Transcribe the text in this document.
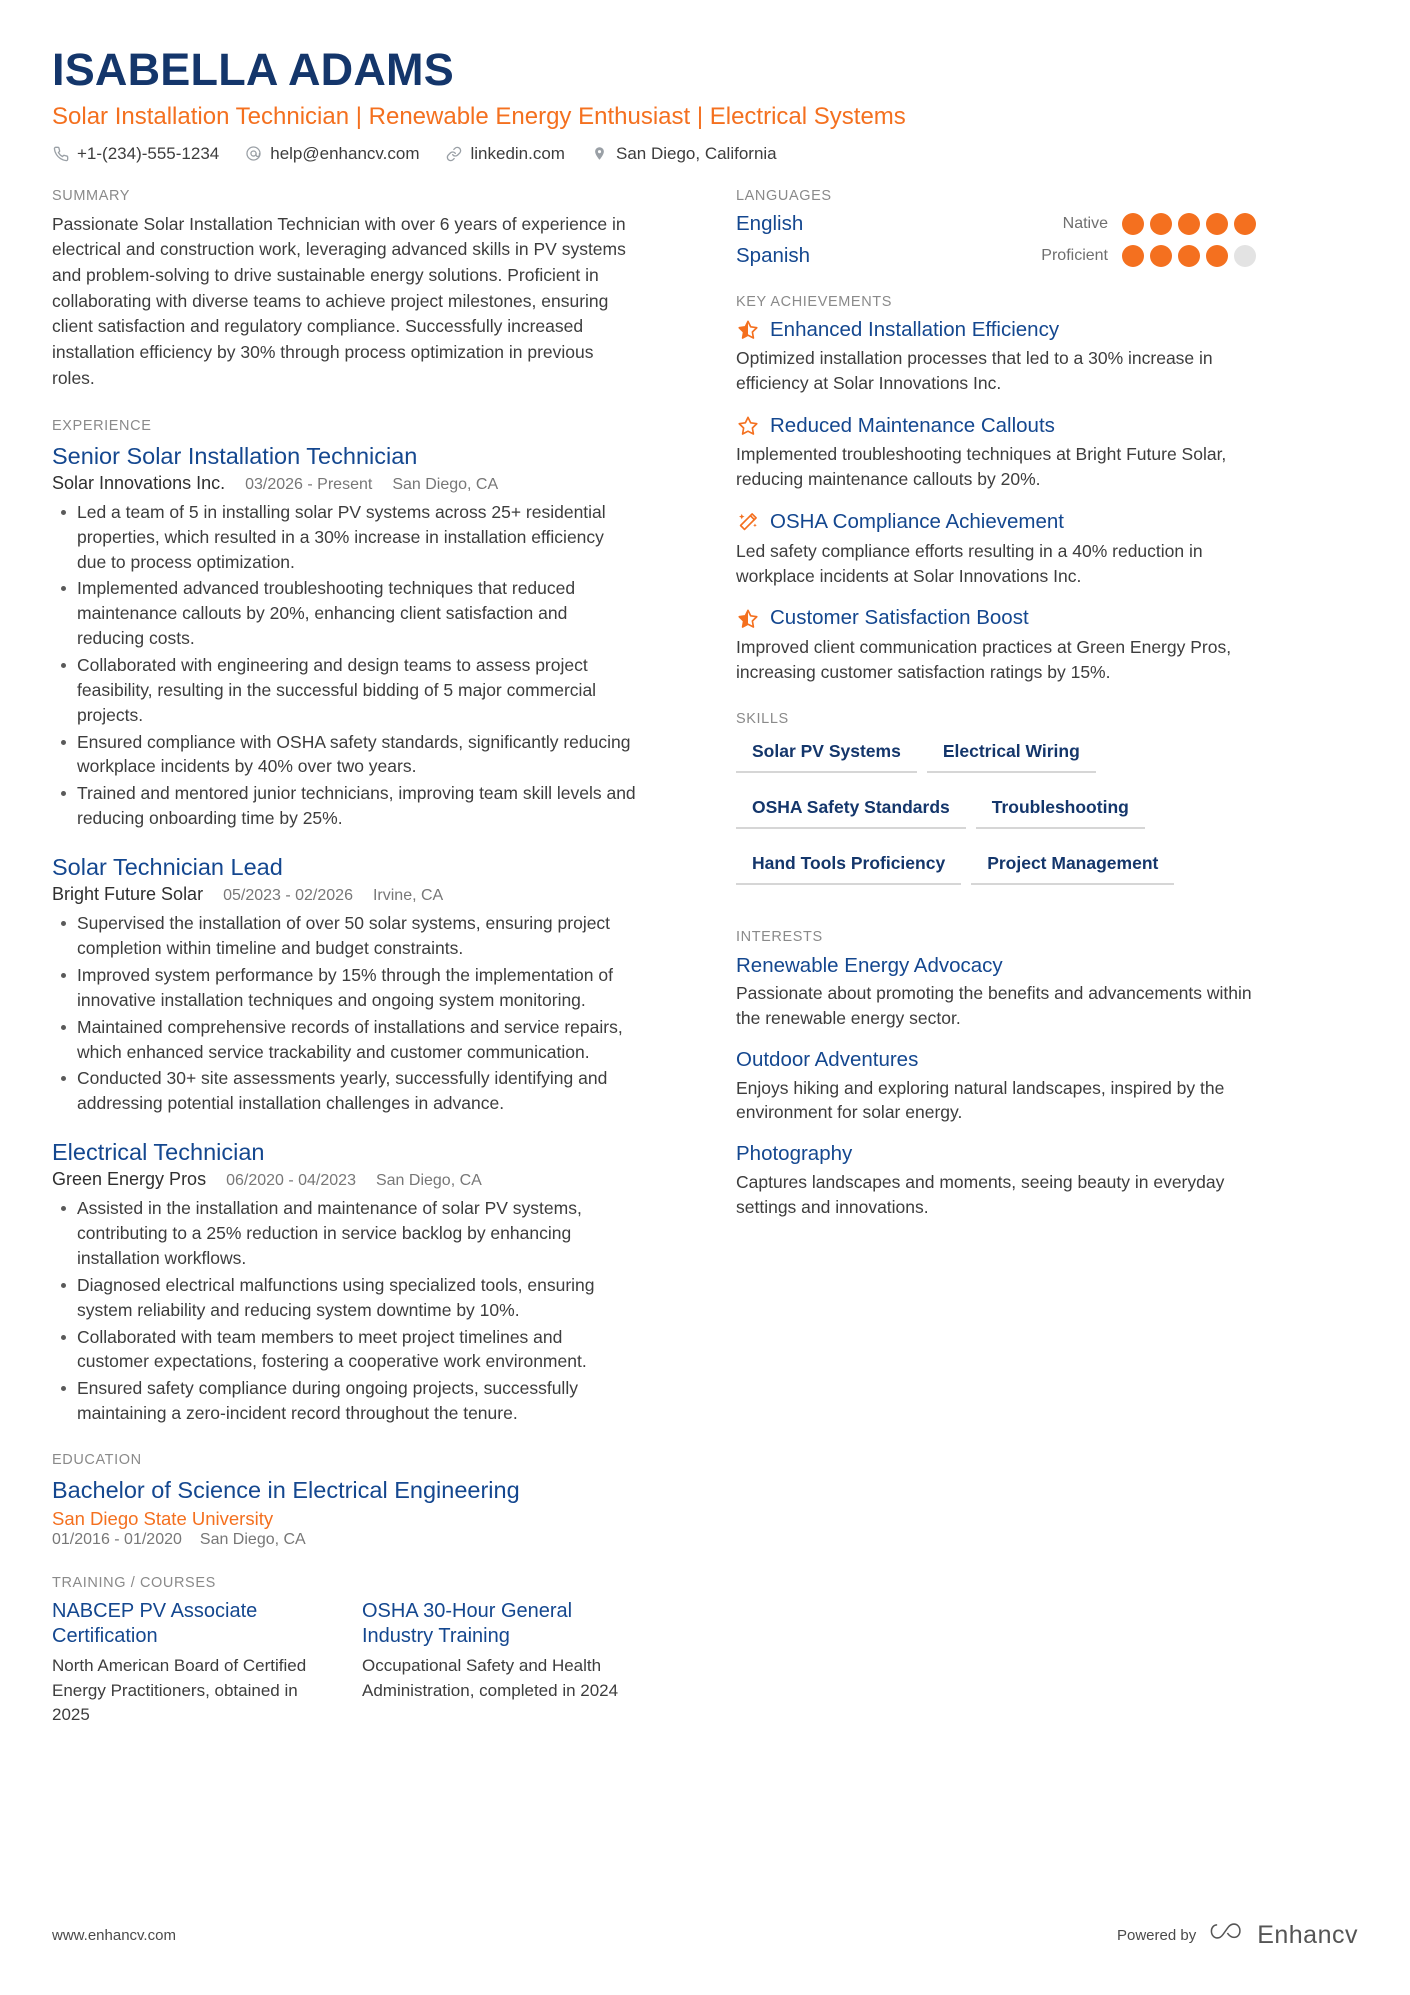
ISABELLA ADAMS
Solar Installation Technician | Renewable Energy Enthusiast | Electrical Systems
+1-(234)-555-1234	help@enhancv.com	linkedin.com	San Diego, California
SUMMARY
Passionate Solar Installation Technician with over 6 years of experience in electrical and construction work, leveraging advanced skills in PV systems and problem-solving to drive sustainable energy solutions. Proficient in collaborating with diverse teams to achieve project milestones, ensuring client satisfaction and regulatory compliance. Successfully increased installation efficiency by 30% through process optimization in previous roles.
EXPERIENCE
Senior Solar Installation Technician
Solar Innovations Inc. 03/2026 - Present San Diego, CA
Led a team of 5 in installing solar PV systems across 25+ residential properties, which resulted in a 30% increase in installation efficiency due to process optimization.
Implemented advanced troubleshooting techniques that reduced maintenance callouts by 20%, enhancing client satisfaction and reducing costs.
Collaborated with engineering and design teams to assess project feasibility, resulting in the successful bidding of 5 major commercial projects.
Ensured compliance with OSHA safety standards, significantly reducing workplace incidents by 40% over two years.
Trained and mentored junior technicians, improving team skill levels and reducing onboarding time by 25%.
Solar Technician Lead
Bright Future Solar 05/2023 - 02/2026 Irvine, CA
Supervised the installation of over 50 solar systems, ensuring project completion within timeline and budget constraints.
Improved system performance by 15% through the implementation of innovative installation techniques and ongoing system monitoring.
Maintained comprehensive records of installations and service repairs, which enhanced service trackability and customer communication.
Conducted 30+ site assessments yearly, successfully identifying and addressing potential installation challenges in advance.
Electrical Technician
Green Energy Pros 06/2020 - 04/2023 San Diego, CA
Assisted in the installation and maintenance of solar PV systems, contributing to a 25% reduction in service backlog by enhancing installation workflows.
Diagnosed electrical malfunctions using specialized tools, ensuring system reliability and reducing system downtime by 10%.
Collaborated with team members to meet project timelines and customer expectations, fostering a cooperative work environment.
Ensured safety compliance during ongoing projects, successfully maintaining a zero-incident record throughout the tenure.
EDUCATION
Bachelor of Science in Electrical Engineering
San Diego State University
01/2016 - 01/2020 San Diego, CA
TRAINING / COURSES
NABCEP PV Associate Certification
North American Board of Certified Energy Practitioners, obtained in 2025
OSHA 30-Hour General Industry Training
Occupational Safety and Health Administration, completed in 2024
LANGUAGES
English	Native
Spanish	Proficient
KEY ACHIEVEMENTS
Enhanced Installation Efficiency
Optimized installation processes that led to a 30% increase in efficiency at Solar Innovations Inc.
Reduced Maintenance Callouts
Implemented troubleshooting techniques at Bright Future Solar, reducing maintenance callouts by 20%.
OSHA Compliance Achievement
Led safety compliance efforts resulting in a 40% reduction in workplace incidents at Solar Innovations Inc.
Customer Satisfaction Boost
Improved client communication practices at Green Energy Pros, increasing customer satisfaction ratings by 15%.
SKILLS
Solar PV Systems	Electrical Wiring
OSHA Safety Standards	Troubleshooting
Hand Tools Proficiency	Project Management
INTERESTS
Renewable Energy Advocacy
Passionate about promoting the benefits and advancements within the renewable energy sector.
Outdoor Adventures
Enjoys hiking and exploring natural landscapes, inspired by the environment for solar energy.
Photography
Captures landscapes and moments, seeing beauty in everyday settings and innovations.
www.enhancv.com	Powered by Enhancv
